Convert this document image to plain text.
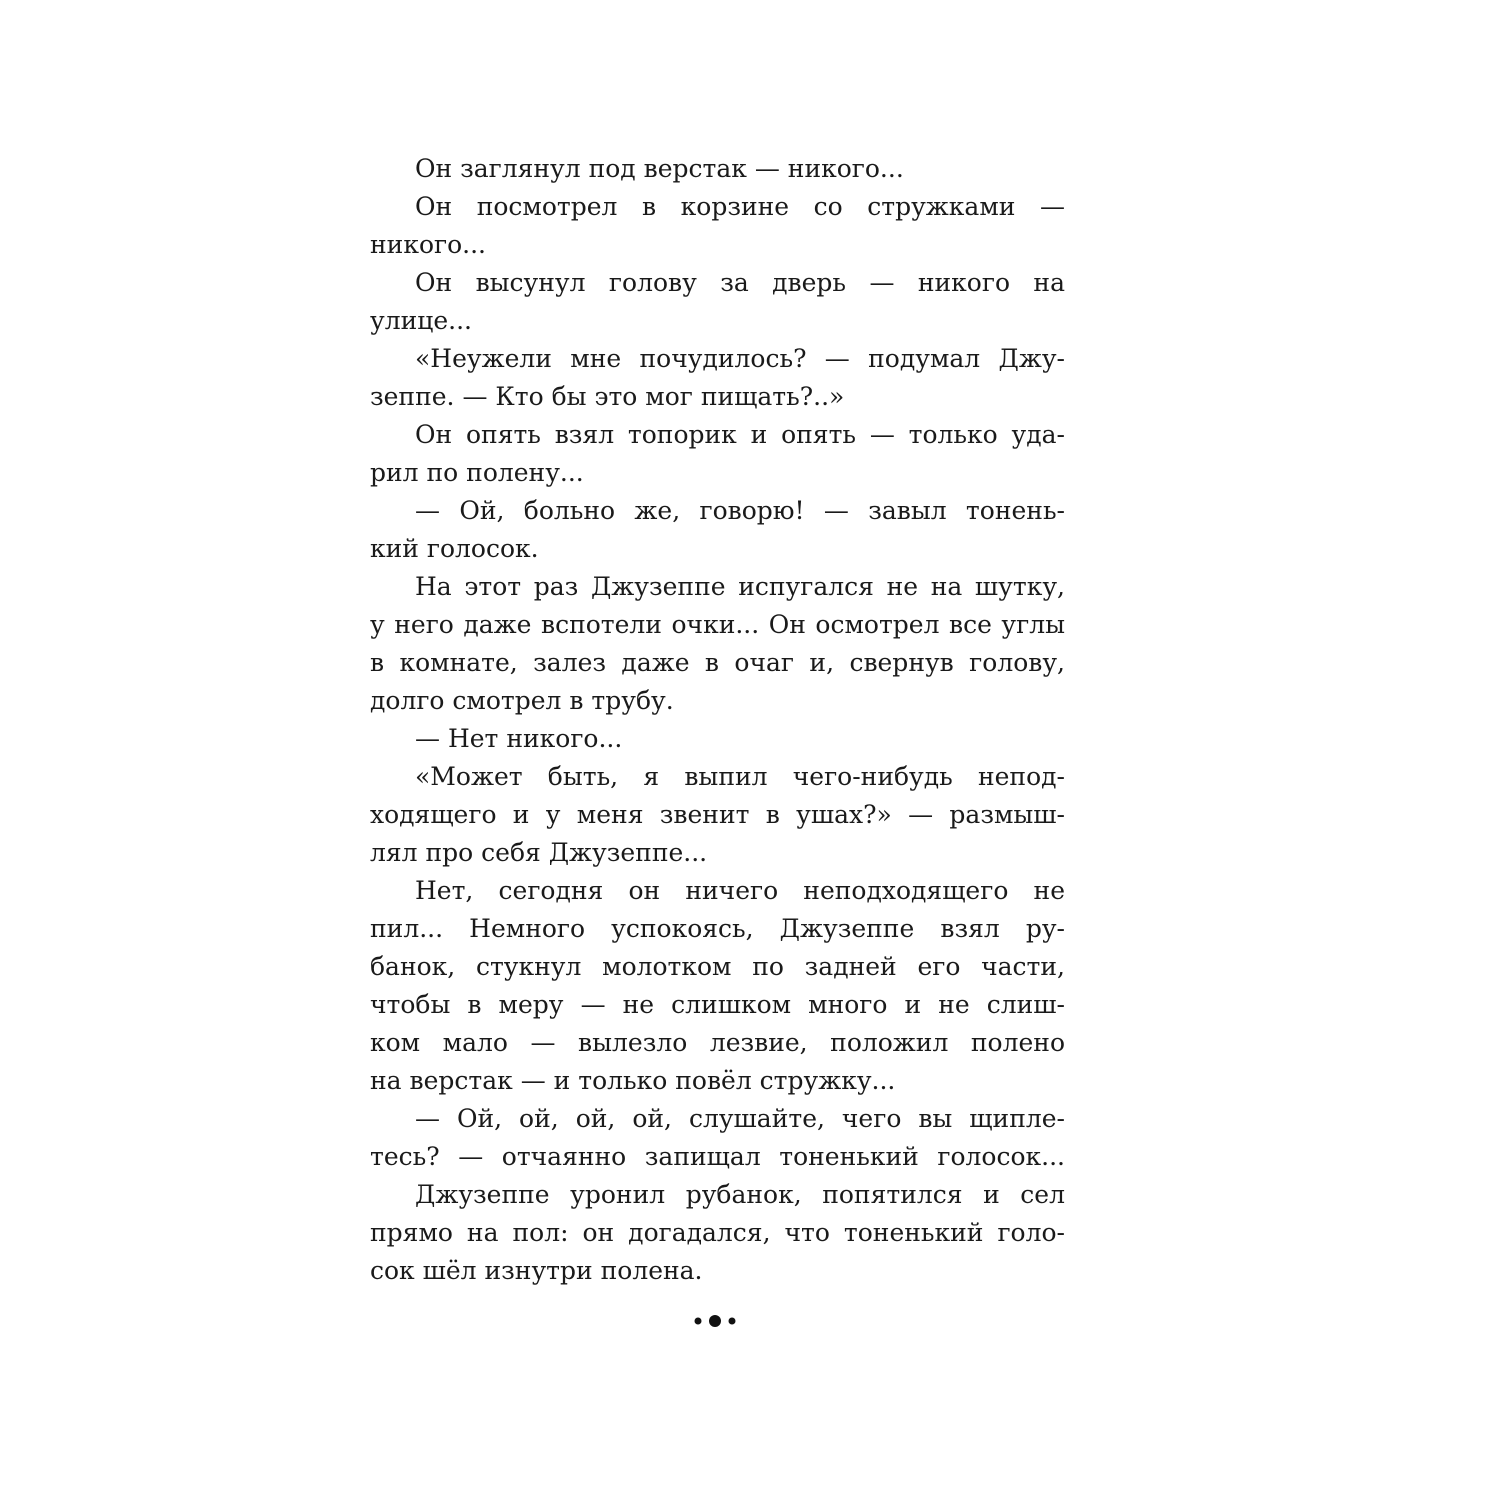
Он заглянул под верстак — никого...
Он посмотрел в корзине со стружками —
никого...
Он высунул голову за дверь — никого на
улице...
«Неужели мне почудилось? — подумал Джу-
зеппе. — Кто бы это мог пищать?..»
Он опять взял топорик и опять — только уда-
рил по полену...
— Ой, больно же, говорю! — завыл тонень-
кий голосок.
На этот раз Джузеппе испугался не на шутку,
у него даже вспотели очки... Он осмотрел все углы
в комнате, залез даже в очаг и, свернув голову,
долго смотрел в трубу.
— Нет никого...
«Может быть, я выпил чего-нибудь непод-
ходящего и у меня звенит в ушах?» — размыш-
лял про себя Джузеппе...
Нет, сегодня он ничего неподходящего не
пил... Немного успокоясь, Джузеппе взял ру-
банок, стукнул молотком по задней его части,
чтобы в меру — не слишком много и не слиш-
ком мало — вылезло лезвие, положил полено
на верстак — и только повёл стружку...
— Ой, ой, ой, ой, слушайте, чего вы щипле-
тесь? — отчаянно запищал тоненький голосок...
Джузеппе уронил рубанок, попятился и сел
прямо на пол: он догадался, что тоненький голо-
сок шёл изнутри полена.
